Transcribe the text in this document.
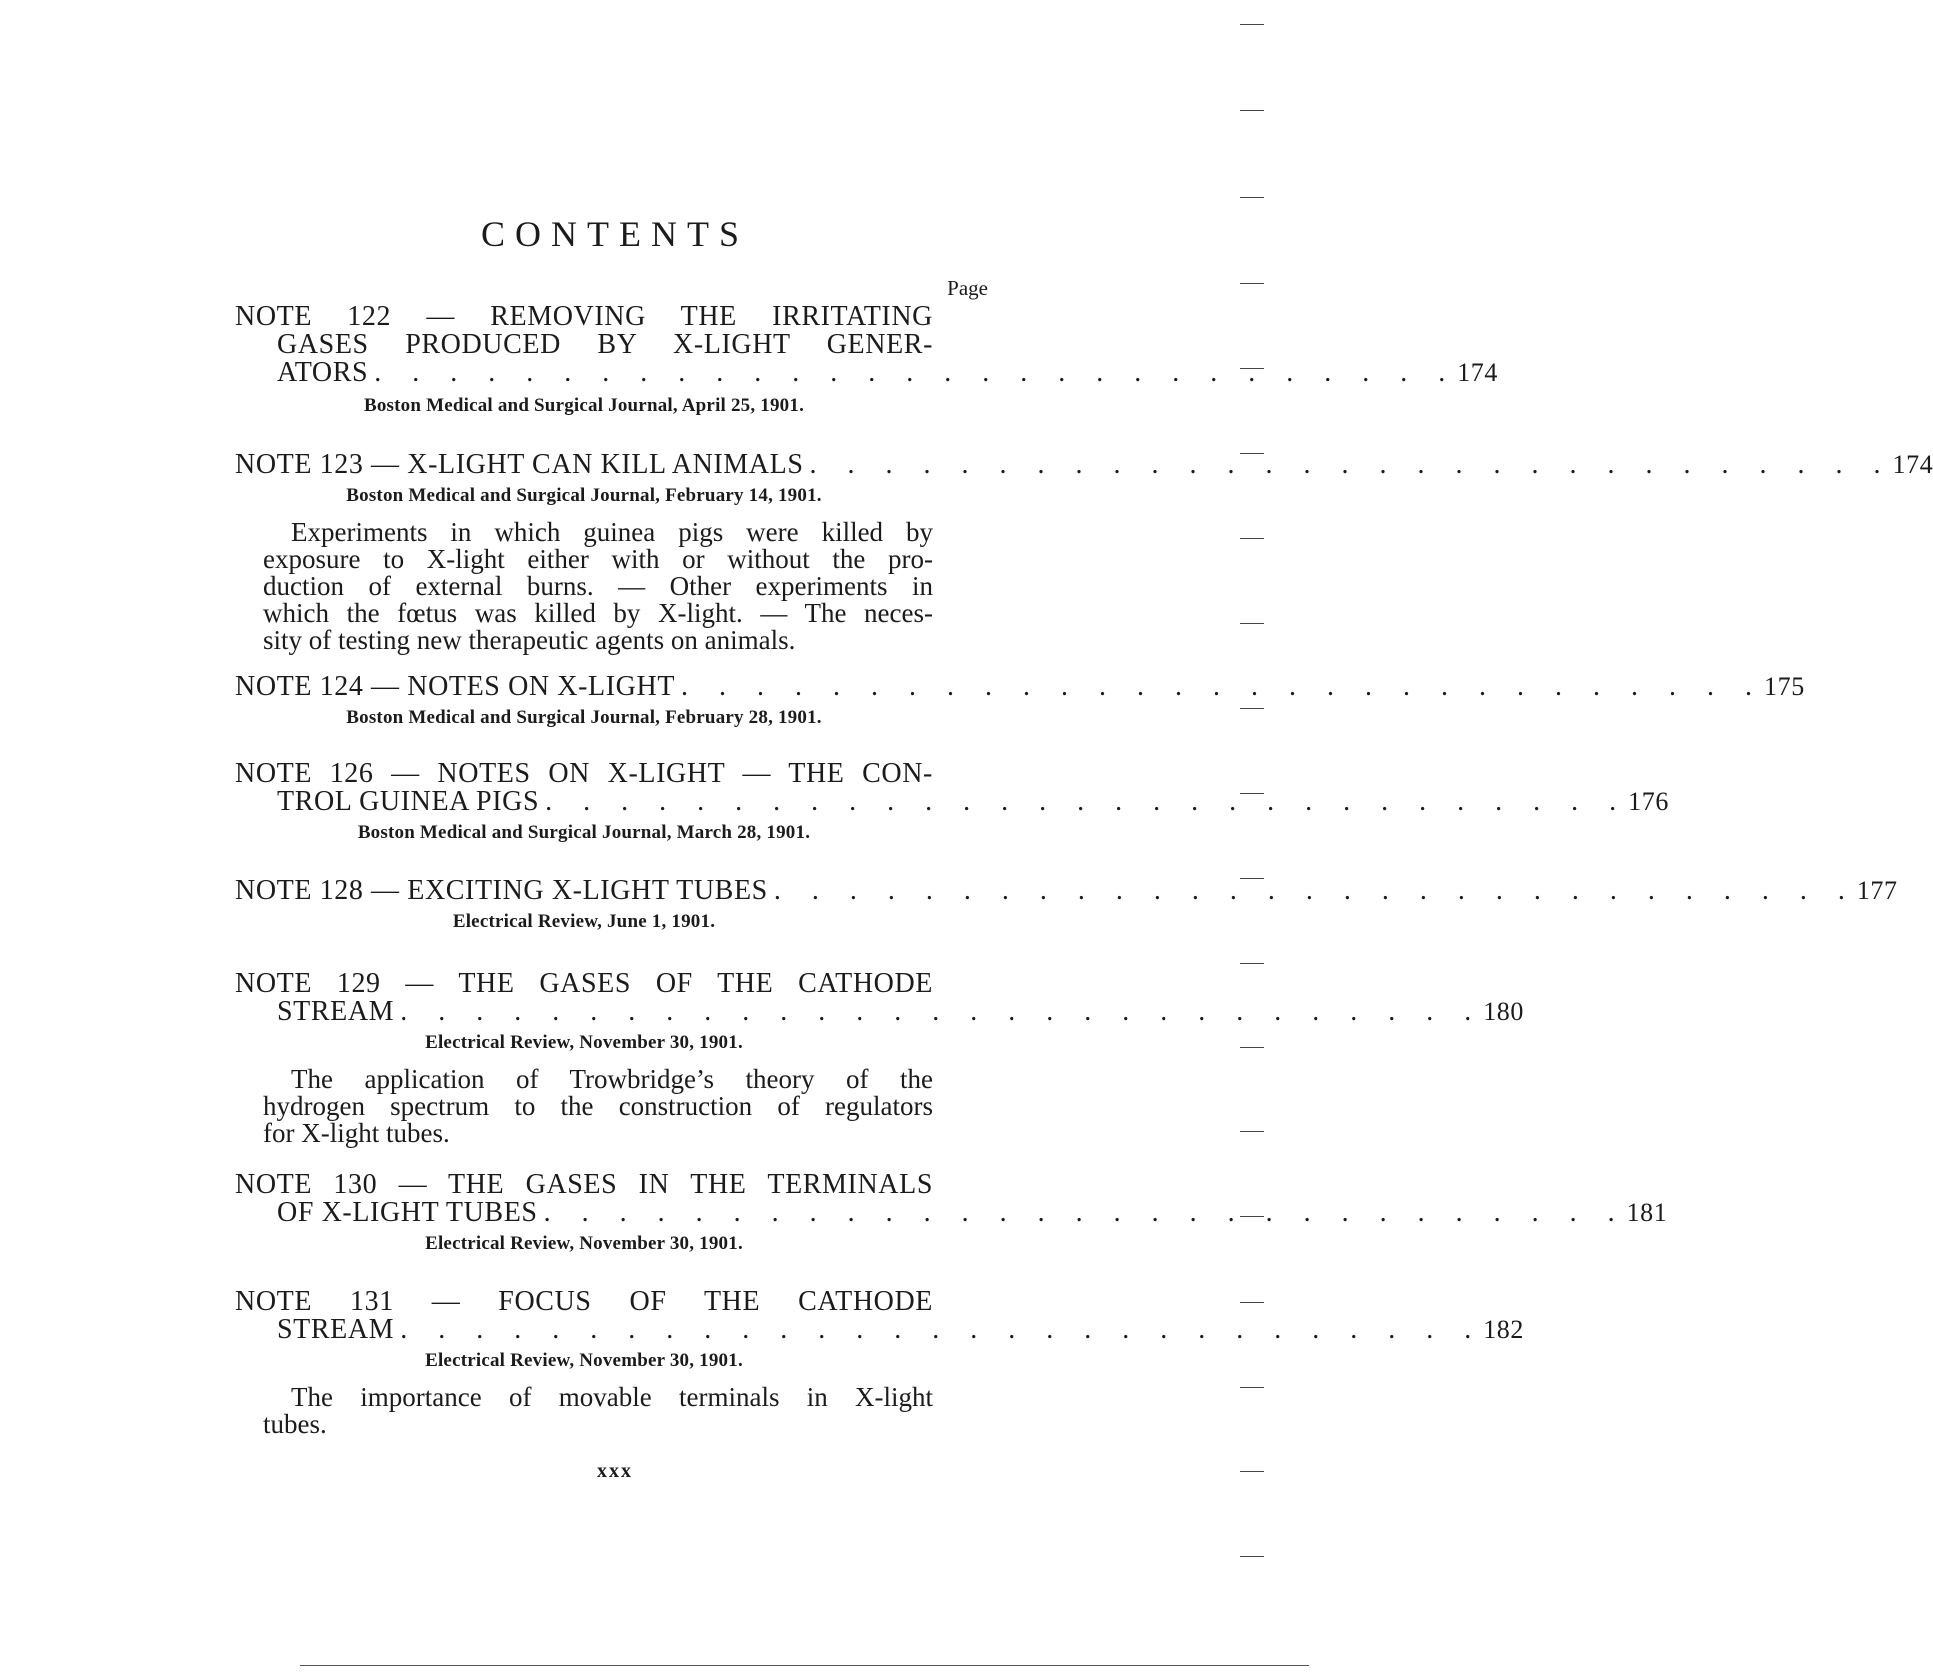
CONTENTS
Page
NOTE 122 — REMOVING THE IRRITATING
GASES PRODUCED BY X-LIGHT GENER-
ATORS . . . . . . . . . . . . . . . . . . . . . . . . . . . . . 174
Boston Medical and Surgical Journal, April 25, 1901.
NOTE 123 — X-LIGHT CAN KILL ANIMALS . . . . . . . . . . . . . . . . . . . . . . . . . . . . . 174
Boston Medical and Surgical Journal, February 14, 1901.
Experiments in which guinea pigs were killed by
exposure to X-light either with or without the pro-
duction of external burns. — Other experiments in
which the fœtus was killed by X-light. — The neces-
sity of testing new therapeutic agents on animals.
NOTE 124 — NOTES ON X-LIGHT . . . . . . . . . . . . . . . . . . . . . . . . . . . . . 175
Boston Medical and Surgical Journal, February 28, 1901.
NOTE 126 — NOTES ON X-LIGHT — THE CON-
TROL GUINEA PIGS . . . . . . . . . . . . . . . . . . . . . . . . . . . . . 176
Boston Medical and Surgical Journal, March 28, 1901.
NOTE 128 — EXCITING X-LIGHT TUBES . . . . . . . . . . . . . . . . . . . . . . . . . . . . . 177
Electrical Review, June 1, 1901.
NOTE 129 — THE GASES OF THE CATHODE
STREAM . . . . . . . . . . . . . . . . . . . . . . . . . . . . . 180
Electrical Review, November 30, 1901.
The application of Trowbridge’s theory of the
hydrogen spectrum to the construction of regulators
for X-light tubes.
NOTE 130 — THE GASES IN THE TERMINALS
OF X-LIGHT TUBES . . . . . . . . . . . . . . . . . . . . . . . . . . . . . 181
Electrical Review, November 30, 1901.
NOTE 131 — FOCUS OF THE CATHODE
STREAM . . . . . . . . . . . . . . . . . . . . . . . . . . . . . 182
Electrical Review, November 30, 1901.
The importance of movable terminals in X-light
tubes.
xxx
